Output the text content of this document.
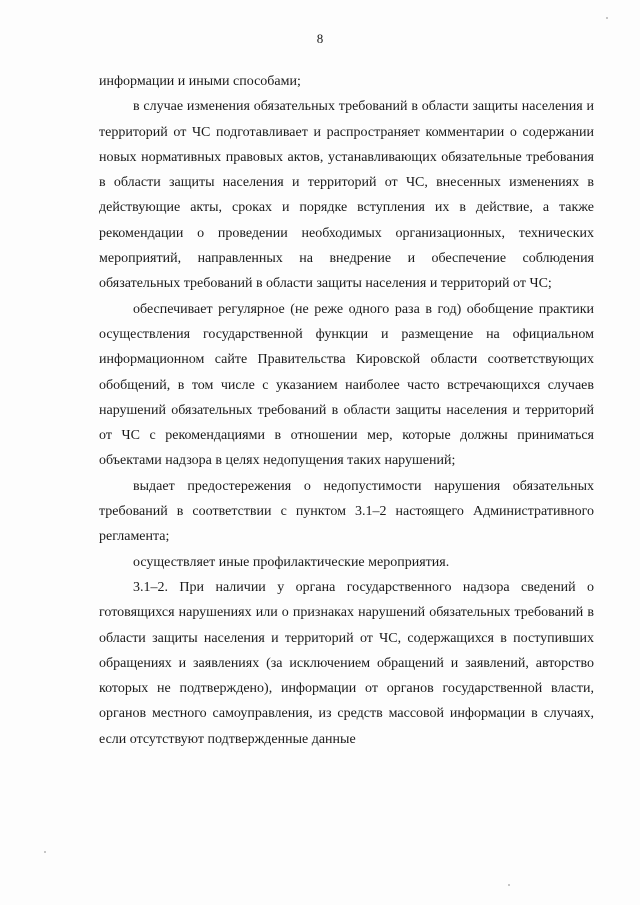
8

информации и иными способами;

в случае изменения обязательных требований в области защиты населения и территорий от ЧС подготавливает и распространяет комментарии о содержании новых нормативных правовых актов, устанавливающих обязательные требования в области защиты населения и территорий от ЧС, внесенных изменениях в действующие акты, сроках и порядке вступления их в действие, а также рекомендации о проведении необходимых организационных, технических мероприятий, направленных на внедрение и обеспечение соблюдения обязательных требований в области защиты населения и территорий от ЧС;

обеспечивает регулярное (не реже одного раза в год) обобщение практики осуществления государственной функции и размещение на официальном информационном сайте Правительства Кировской области соответствующих обобщений, в том числе с указанием наиболее часто встречающихся случаев нарушений обязательных требований в области защиты населения и территорий от ЧС с рекомендациями в отношении мер, которые должны приниматься объектами надзора в целях недопущения таких нарушений;

выдает предостережения о недопустимости нарушения обязательных требований в соответствии с пунктом 3.1–2 настоящего Административного регламента;

осуществляет иные профилактические мероприятия.

3.1–2. При наличии у органа государственного надзора сведений о готовящихся нарушениях или о признаках нарушений обязательных требований в области защиты населения и территорий от ЧС, содержащихся в поступивших обращениях и заявлениях (за исключением обращений и заявлений, авторство которых не подтверждено), информации от органов государственной власти, органов местного самоуправления, из средств массовой информации в случаях, если отсутствуют подтвержденные данные
